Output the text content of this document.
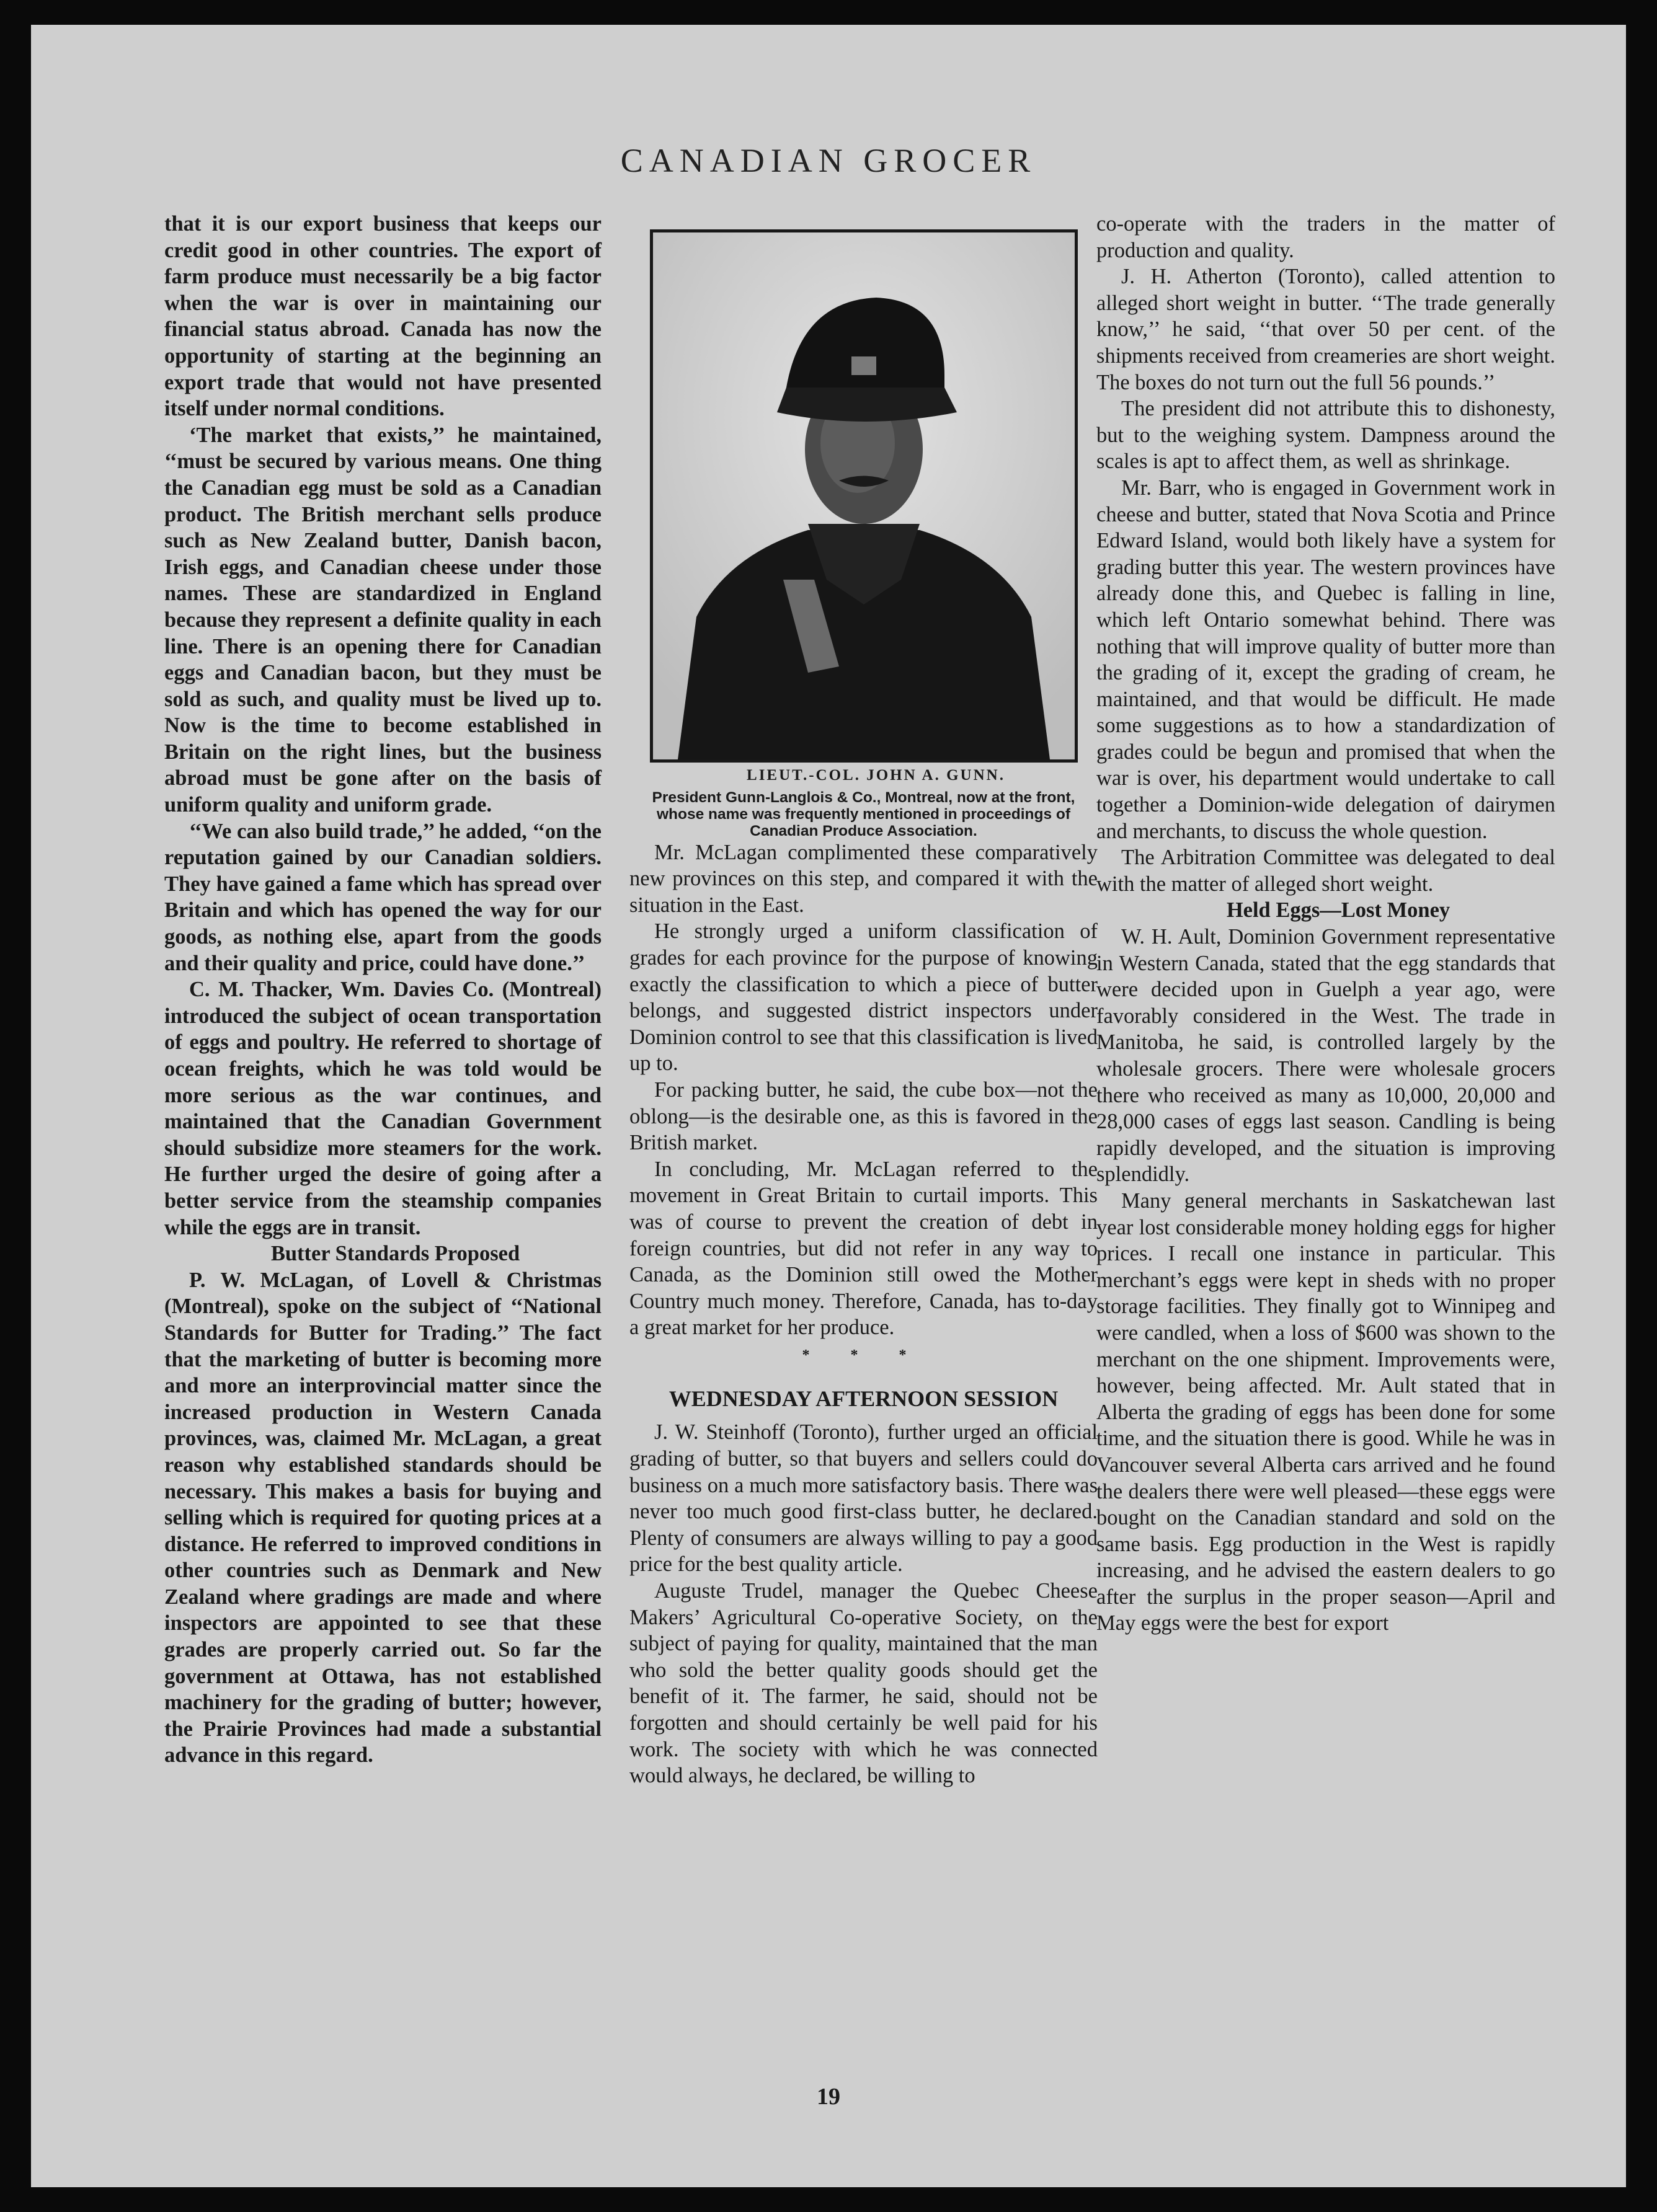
CANADIAN GROCER

that it is our export business that keeps our credit good in other countries. The export of farm produce must necessarily be a big factor when the war is over in maintaining our financial status abroad. Canada has now the opportunity of starting at the beginning an export trade that would not have presented itself under normal conditions.

‘The market that exists,’’ he maintained, ‘‘must be secured by various means. One thing the Canadian egg must be sold as a Canadian product. The British merchant sells produce such as New Zealand butter, Danish bacon, Irish eggs, and Canadian cheese under those names. These are standardized in England because they represent a definite quality in each line. There is an opening there for Canadian eggs and Canadian bacon, but they must be sold as such, and quality must be lived up to. Now is the time to become established in Britain on the right lines, but the business abroad must be gone after on the basis of uniform quality and uniform grade.

‘‘We can also build trade,’’ he added, ‘‘on the reputation gained by our Canadian soldiers. They have gained a fame which has spread over Britain and which has opened the way for our goods, as nothing else, apart from the goods and their quality and price, could have done.’’

C. M. Thacker, Wm. Davies Co. (Montreal) introduced the subject of ocean transportation of eggs and poultry. He referred to shortage of ocean freights, which he was told would be more serious as the war continues, and maintained that the Canadian Government should subsidize more steamers for the work. He further urged the desire of going after a better service from the steamship companies while the eggs are in transit.

Butter Standards Proposed

P. W. McLagan, of Lovell & Christmas (Montreal), spoke on the subject of ‘‘National Standards for Butter for Trading.’’ The fact that the marketing of butter is becoming more and more an interprovincial matter since the increased production in Western Canada provinces, was, claimed Mr. McLagan, a great reason why established standards should be necessary. This makes a basis for buying and selling which is required for quoting prices at a distance. He referred to improved conditions in other countries such as Denmark and New Zealand where gradings are made and where inspectors are appointed to see that these grades are properly carried out. So far the government at Ottawa, has not established machinery for the grading of butter; however, the Prairie Provinces had made a substantial advance in this regard.

LIEUT.-COL. JOHN A. GUNN.

President Gunn-Langlois & Co., Montreal, now at the front, whose name was frequently mentioned in proceedings of Canadian Produce Association.

Mr. McLagan complimented these comparatively new provinces on this step, and compared it with the situation in the East.

He strongly urged a uniform classification of grades for each province for the purpose of knowing exactly the classification to which a piece of butter belongs, and suggested district inspectors under Dominion control to see that this classification is lived up to.

For packing butter, he said, the cube box—not the oblong—is the desirable one, as this is favored in the British market.

In concluding, Mr. McLagan referred to the movement in Great Britain to curtail imports. This was of course to prevent the creation of debt in foreign countries, but did not refer in any way to Canada, as the Dominion still owed the Mother Country much money. Therefore, Canada, has to-day a great market for her produce.

* * *
WEDNESDAY AFTERNOON SESSION

J. W. Steinhoff (Toronto), further urged an official grading of butter, so that buyers and sellers could do business on a much more satisfactory basis. There was never too much good first-class butter, he declared. Plenty of consumers are always willing to pay a good price for the best quality article.

Auguste Trudel, manager the Quebec Cheese Makers’ Agricultural Co-operative Society, on the subject of paying for quality, maintained that the man who sold the better quality goods should get the benefit of it. The farmer, he said, should not be forgotten and should certainly be well paid for his work. The society with which he was connected would always, he declared, be willing to

co-operate with the traders in the matter of production and quality.

J. H. Atherton (Toronto), called attention to alleged short weight in butter. ‘‘The trade generally know,’’ he said, ‘‘that over 50 per cent. of the shipments received from creameries are short weight. The boxes do not turn out the full 56 pounds.’’

The president did not attribute this to dishonesty, but to the weighing system. Dampness around the scales is apt to affect them, as well as shrinkage.

Mr. Barr, who is engaged in Government work in cheese and butter, stated that Nova Scotia and Prince Edward Island, would both likely have a system for grading butter this year. The western provinces have already done this, and Quebec is falling in line, which left Ontario somewhat behind. There was nothing that will improve quality of butter more than the grading of it, except the grading of cream, he maintained, and that would be difficult. He made some suggestions as to how a standardization of grades could be begun and promised that when the war is over, his department would undertake to call together a Dominion-wide delegation of dairymen and merchants, to discuss the whole question.

The Arbitration Committee was delegated to deal with the matter of alleged short weight.

Held Eggs—Lost Money

W. H. Ault, Dominion Government representative in Western Canada, stated that the egg standards that were decided upon in Guelph a year ago, were favorably considered in the West. The trade in Manitoba, he said, is controlled largely by the wholesale grocers. There were wholesale grocers there who received as many as 10,000, 20,000 and 28,000 cases of eggs last season. Candling is being rapidly developed, and the situation is improving splendidly.

Many general merchants in Saskatchewan last year lost considerable money holding eggs for higher prices. I recall one instance in particular. This merchant’s eggs were kept in sheds with no proper storage facilities. They finally got to Winnipeg and were candled, when a loss of $600 was shown to the merchant on the one shipment. Improvements were, however, being affected. Mr. Ault stated that in Alberta the grading of eggs has been done for some time, and the situation there is good. While he was in Vancouver several Alberta cars arrived and he found the dealers there were well pleased—these eggs were bought on the Canadian standard and sold on the same basis. Egg production in the West is rapidly increasing, and he advised the eastern dealers to go after the surplus in the proper season—April and May eggs were the best for export

19
